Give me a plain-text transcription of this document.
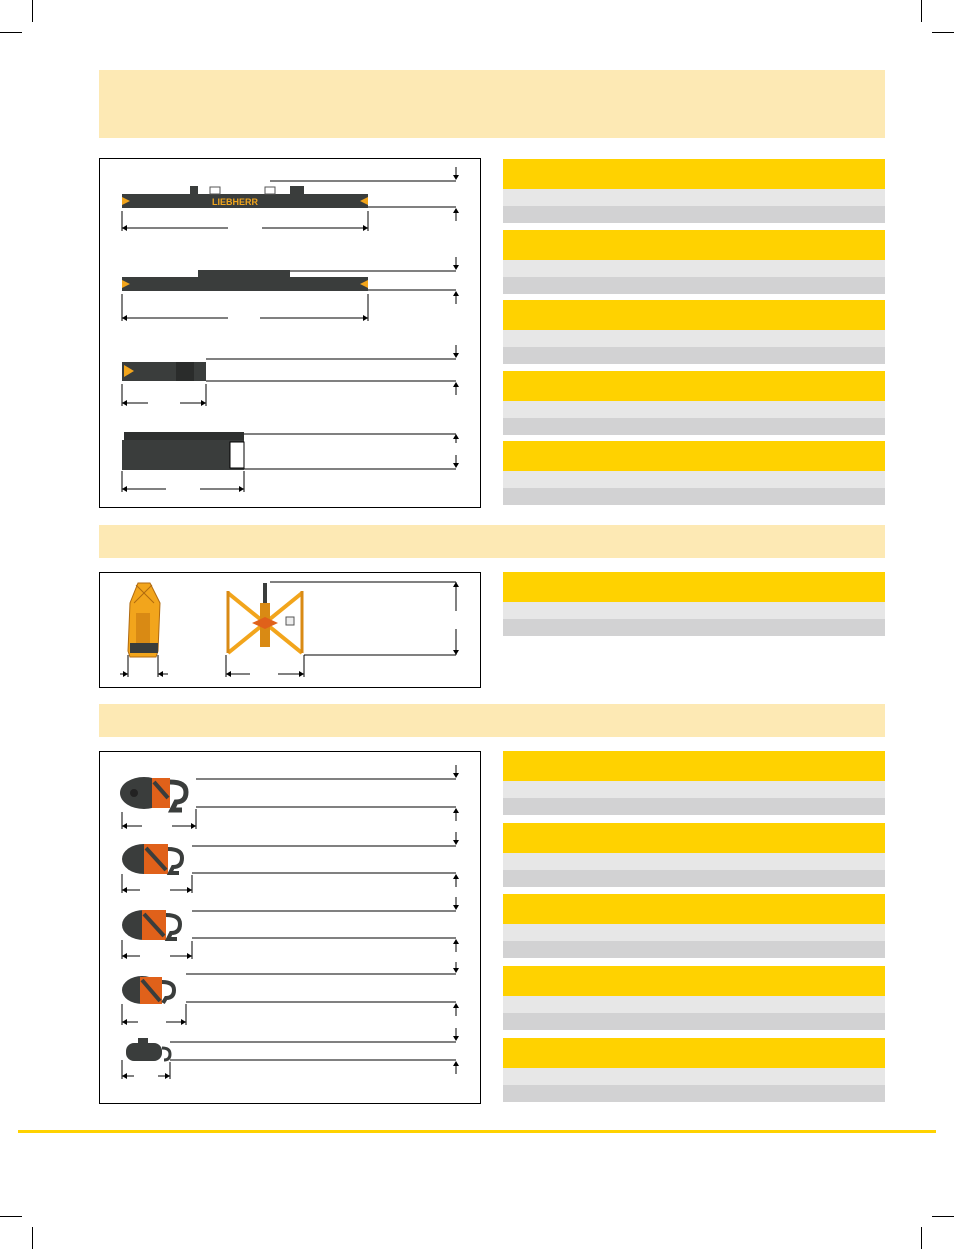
LIEBHERR
